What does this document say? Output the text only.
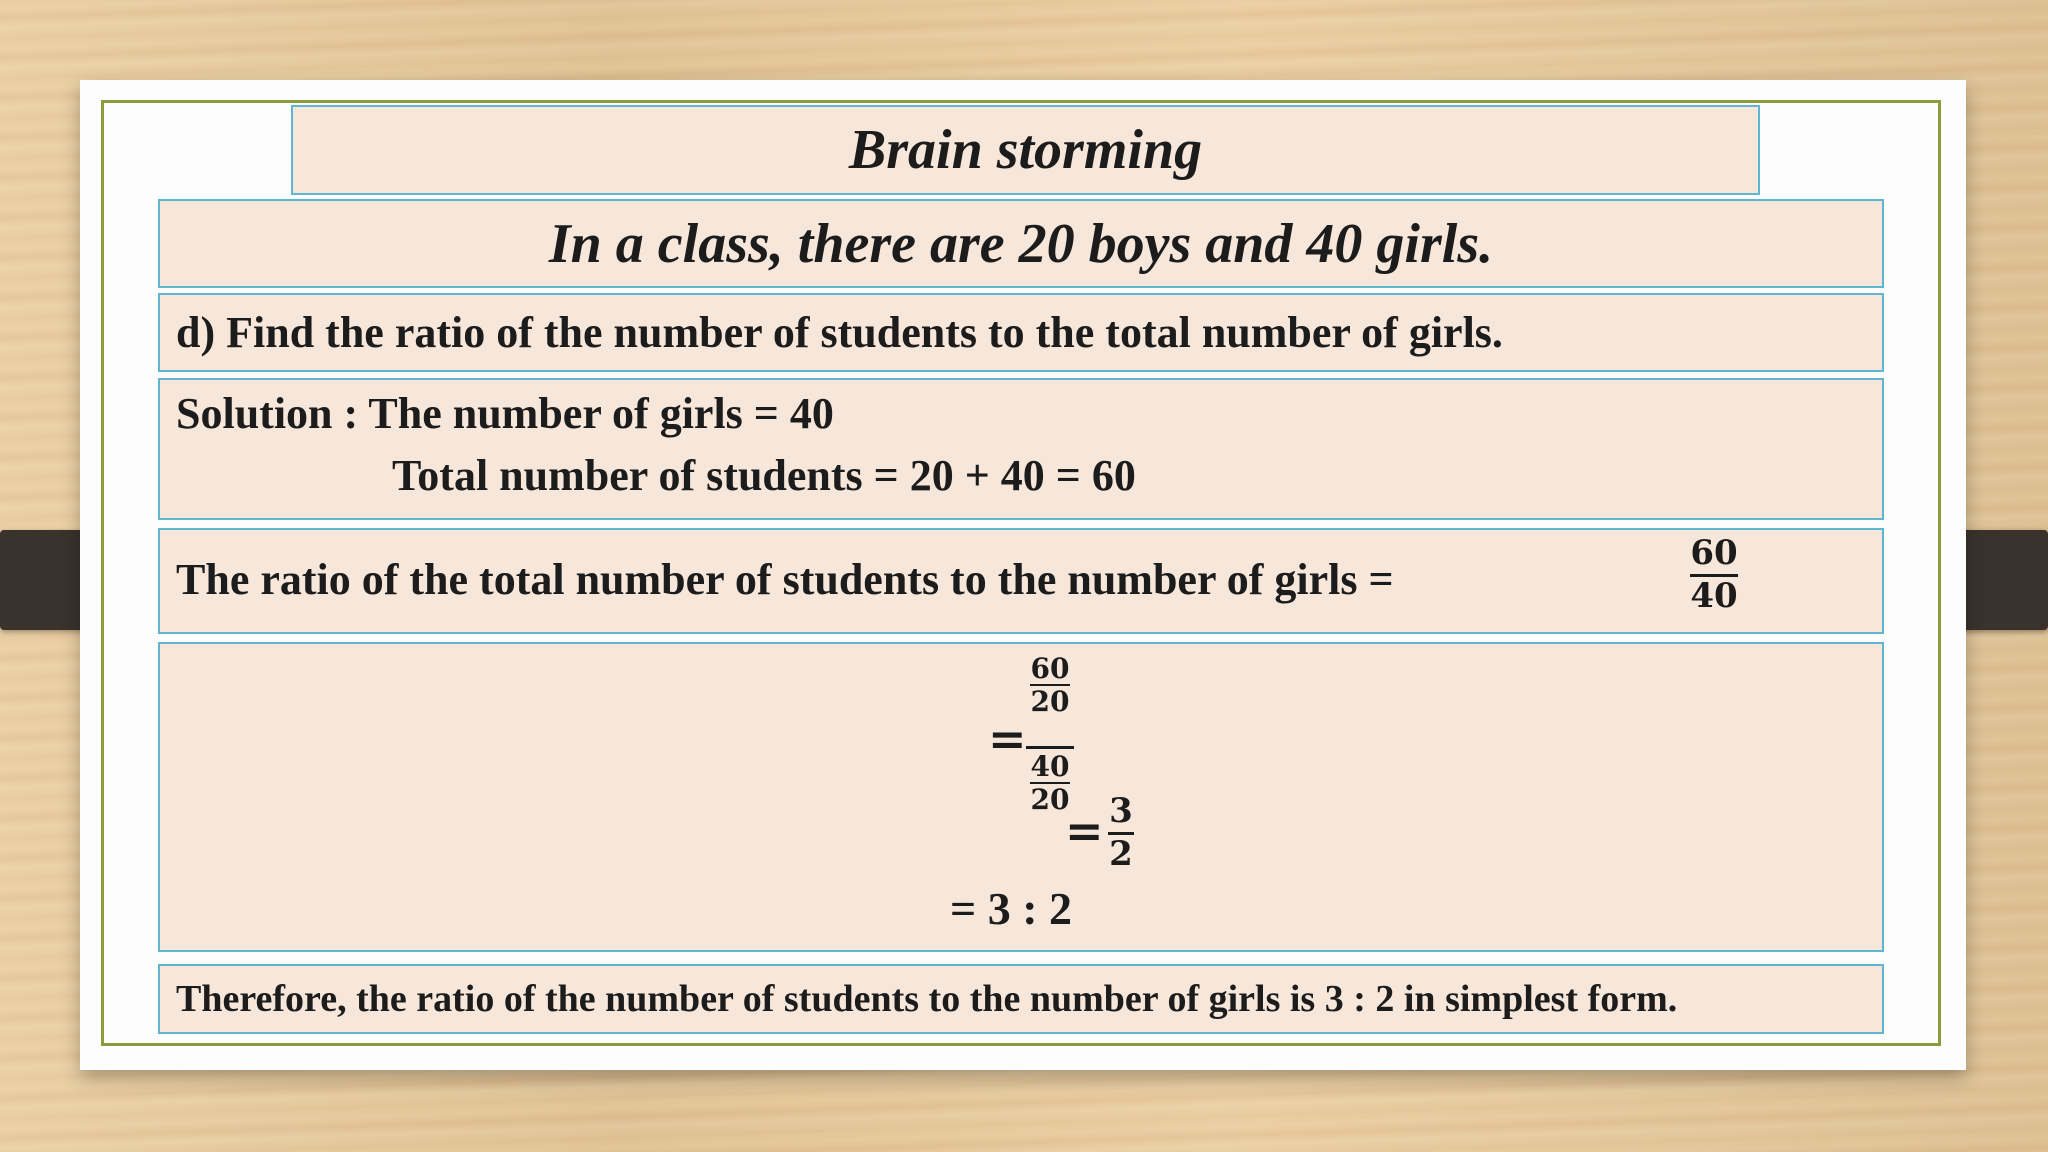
Brain storming
In a class, there are 20 boys and 40 girls.
d) Find the ratio of the number of students to the total number of girls.
Solution : The number of girls = 40
Total number of students = 20 + 40 = 60
The ratio of the total number of students to the number of girls =
60
40
=
60
20
40
20
= 3
2
= 3 : 2
Therefore, the ratio of the number of students to the number of girls is 3 : 2 in simplest form.
